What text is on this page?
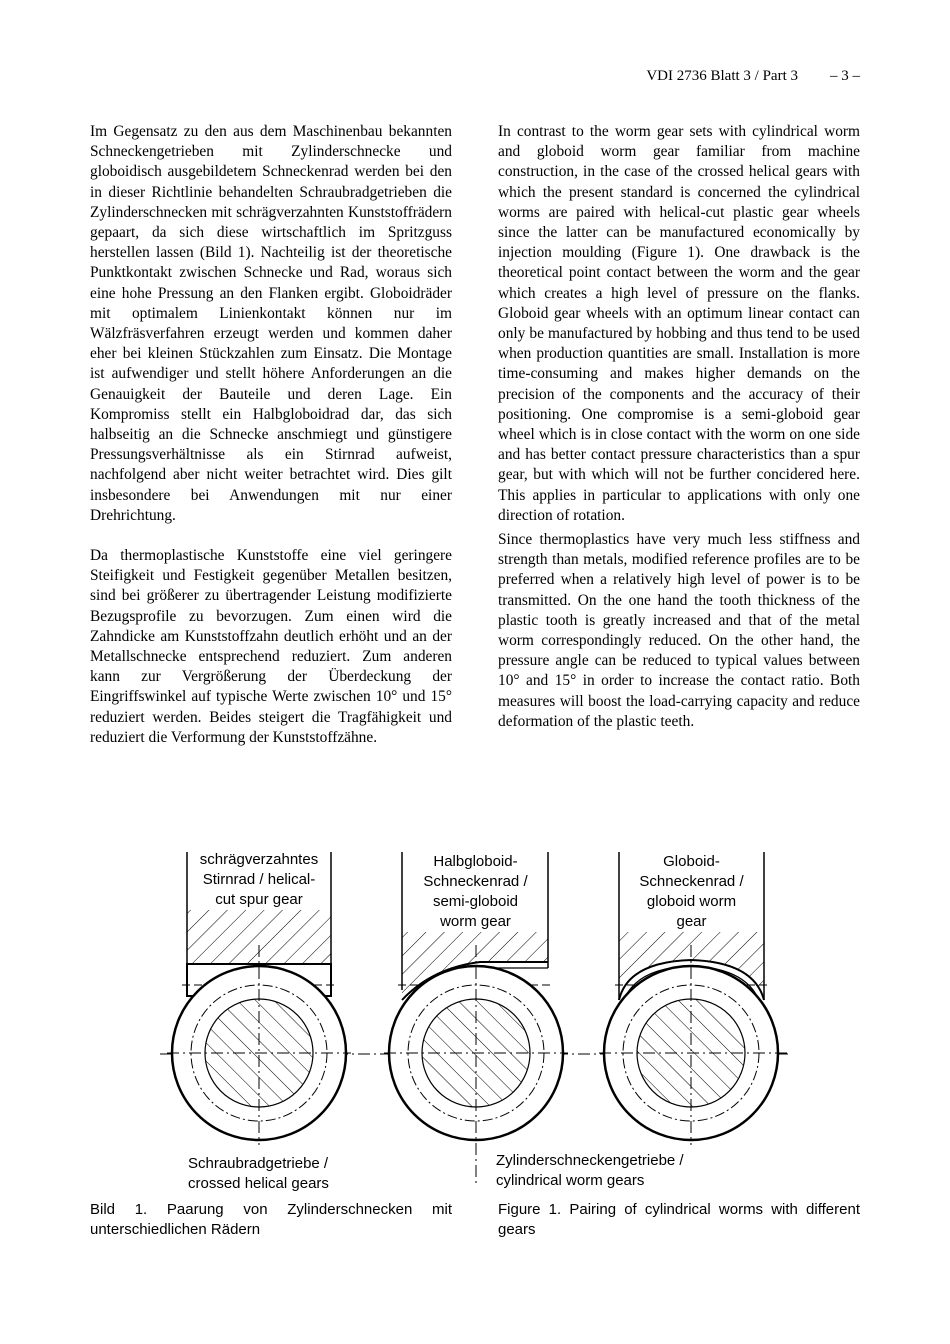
VDI 2736 Blatt 3 / Part 3 – 3 –

Im Gegensatz zu den aus dem Maschinenbau bekannten Schneckengetrieben mit Zylinderschnecke und globoidisch ausgebildetem Schneckenrad werden bei den in dieser Richtlinie behandelten Schraubradgetrieben die Zylinderschnecken mit schrägverzahnten Kunststoffrädern gepaart, da sich diese wirtschaftlich im Spritzguss herstellen lassen (Bild 1). Nachteilig ist der theoretische Punktkontakt zwischen Schnecke und Rad, woraus sich eine hohe Pressung an den Flanken ergibt. Globoidräder mit optimalem Linienkontakt können nur im Wälzfräsverfahren erzeugt werden und kommen daher eher bei kleinen Stückzahlen zum Einsatz. Die Montage ist aufwendiger und stellt höhere Anforderungen an die Genauigkeit der Bauteile und deren Lage. Ein Kompromiss stellt ein Halbgloboidrad dar, das sich halbseitig an die Schnecke anschmiegt und günstigere Pressungsverhältnisse als ein Stirnrad aufweist, nachfolgend aber nicht weiter betrachtet wird. Dies gilt insbesondere bei Anwendungen mit nur einer Drehrichtung.

Da thermoplastische Kunststoffe eine viel geringere Steifigkeit und Festigkeit gegenüber Metallen besitzen, sind bei größerer zu übertragender Leistung modifizierte Bezugsprofile zu bevorzugen. Zum einen wird die Zahndicke am Kunststoffzahn deutlich erhöht und an der Metallschnecke entsprechend reduziert. Zum anderen kann zur Vergrößerung der Überdeckung der Eingriffswinkel auf typische Werte zwischen 10° und 15° reduziert werden. Beides steigert die Tragfähigkeit und reduziert die Verformung der Kunststoffzähne.

In contrast to the worm gear sets with cylindrical worm and globoid worm gear familiar from machine construction, in the case of the crossed helical gears with which the present standard is concerned the cylindrical worms are paired with helical-cut plastic gear wheels since the latter can be manufactured economically by injection moulding (Figure 1). One drawback is the theoretical point contact between the worm and the gear which creates a high level of pressure on the flanks. Globoid gear wheels with an optimum linear contact can only be manufactured by hobbing and thus tend to be used when production quantities are small. Installation is more time-consuming and makes higher demands on the precision of the components and the accuracy of their positioning. One compromise is a semi-globoid gear wheel which is in close contact with the worm on one side and has better contact pressure characteristics than a spur gear, but with which will not be further concidered here. This applies in particular to applications with only one direction of rotation.

Since thermoplastics have very much less stiffness and strength than metals, modified reference profiles are to be preferred when a relatively high level of power is to be transmitted. On the one hand the tooth thickness of the plastic tooth is greatly increased and that of the metal worm correspondingly reduced. On the other hand, the pressure angle can be reduced to typical values between 10° and 15° in order to increase the contact ratio. Both measures will boost the load-carrying capacity and reduce deformation of the plastic teeth.

schrägverzahntes
Stirnrad / helical-
cut spur gear
Halbgloboid-
Schneckenrad /
semi-globoid
worm gear
Globoid-
Schneckenrad /
globoid worm
gear
Schraubradgetriebe /
crossed helical gears
Zylinderschneckengetriebe /
cylindrical worm gears
Bild 1. Paarung von Zylinderschnecken mit unterschiedlichen Rädern
Figure 1. Pairing of cylindrical worms with different gears
